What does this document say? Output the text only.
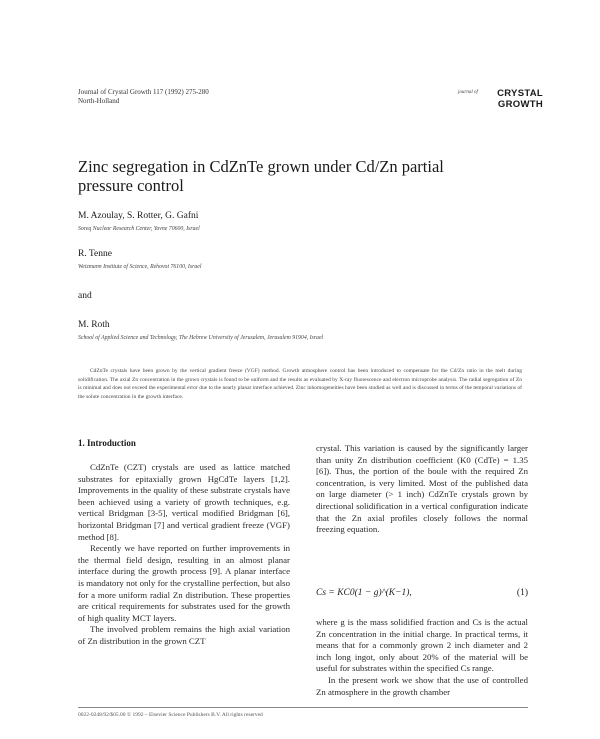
Journal of Crystal Growth 117 (1992) 275-280
North-Holland
journal of	CRYSTAL
GROWTH
Zinc segregation in CdZnTe grown under Cd/Zn partial
pressure control
M. Azoulay, S. Rotter, G. Gafni
Soreq Nuclear Research Center, Yavne 70600, Israel
R. Tenne
Weizmann Institute of Science, Rehovot 76100, Israel
and
M. Roth
School of Applied Science and Technology, The Hebrew University of Jerusalem, Jerusalem 91904, Israel

CdZnTe crystals have been grown by the vertical gradient freeze (VGF) method. Growth atmosphere control has been introduced to compensate for the Cd/Zn ratio in the melt during solidification. The axial Zn concentration in the grown crystals is found to be uniform and the results as evaluated by X-ray fluorescence and electron microprobe analysis. The radial segregation of Zn is minimal and does not exceed the experimental error due to the nearly planar interface achieved. Zinc inhomogeneities have been studied as well and is discussed in terms of the temporal variations of the solute concentration in the growth interface.

1. Introduction

CdZnTe (CZT) crystals are used as lattice matched substrates for epitaxially grown HgCdTe layers [1,2]. Improvements in the quality of these substrate crystals have been achieved using a variety of growth techniques, e.g. vertical Bridgman [3-5], vertical modified Bridgman [6], horizontal Bridgman [7] and vertical gradient freeze (VGF) method [8].

Recently we have reported on further improvements in the thermal field design, resulting in an almost planar interface during the growth process [9]. A planar interface is mandatory not only for the crystalline perfection, but also for a more uniform radial Zn distribution. These properties are critical requirements for substrates used for the growth of high quality MCT layers.

The involved problem remains the high axial variation of Zn distribution in the grown CZT

crystal. This variation is caused by the significantly larger than unity Zn distribution coefficient (K0 (CdTe) = 1.35 [6]). Thus, the portion of the boule with the required Zn concentration, is very limited. Most of the published data on large diameter (> 1 inch) CdZnTe crystals grown by directional solidification in a vertical configuration indicate that the Zn axial profiles closely follows the normal freezing equation.

Cs = KC0(1 − g)^(K−1),	(1)

where g is the mass solidified fraction and Cs is the actual Zn concentration in the initial charge. In practical terms, it means that for a commonly grown 2 inch diameter and 2 inch long ingot, only about 20% of the material will be useful for substrates within the specified Cs range.

In the present work we show that the use of controlled Zn atmosphere in the growth chamber

0022-0248/92/$05.00 © 1992 – Elsevier Science Publishers B.V. All rights reserved
